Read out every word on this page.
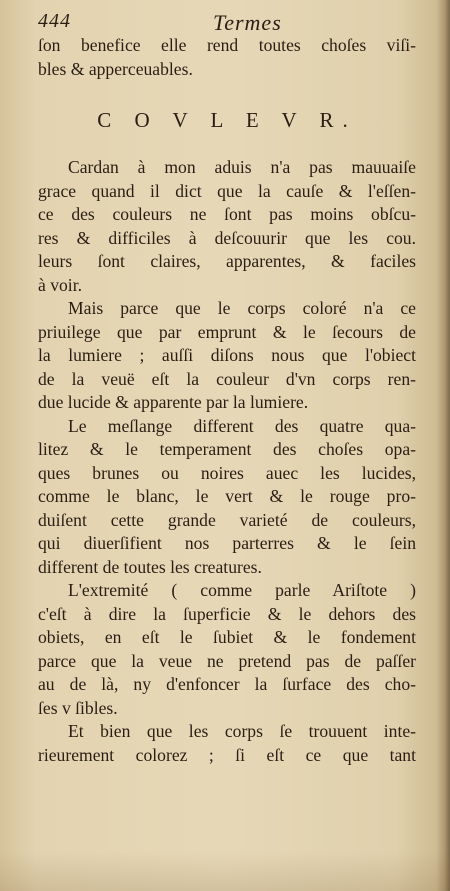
444	Termes
ſon benefice elle rend toutes choſes viſi-
bles & apperceuables.
C O V L E V R.
Cardan à mon aduis n'a pas mauuaiſe
grace quand il dict que la cauſe & l'eſſen-
ce des couleurs ne ſont pas moins obſcu-
res & difficiles à deſcouurir que les cou.
leurs ſont claires, apparentes, & faciles
à voir.
Mais parce que le corps coloré n'a ce
priuilege que par emprunt & le ſecours de
la lumiere ; auſſi diſons nous que l'obiect
de la veuë eſt la couleur d'vn corps ren-
due lucide & apparente par la lumiere.
Le meſlange different des quatre qua-
litez & le temperament des choſes opa-
ques brunes ou noires auec les lucides,
comme le blanc, le vert & le rouge pro-
duiſent cette grande varieté de couleurs,
qui diuerſifient nos parterres & le ſein
different de toutes les creatures.
L'extremité ( comme parle Ariſtote )
c'eſt à dire la ſuperficie & le dehors des
obiets, en eſt le ſubiet & le fondement
parce que la veue ne pretend pas de paſſer
au de là, ny d'enfoncer la ſurface des cho-
ſes v ſibles.
Et bien que les corps ſe trouuent inte-
rieurement colorez ; ſi eſt ce que tant
